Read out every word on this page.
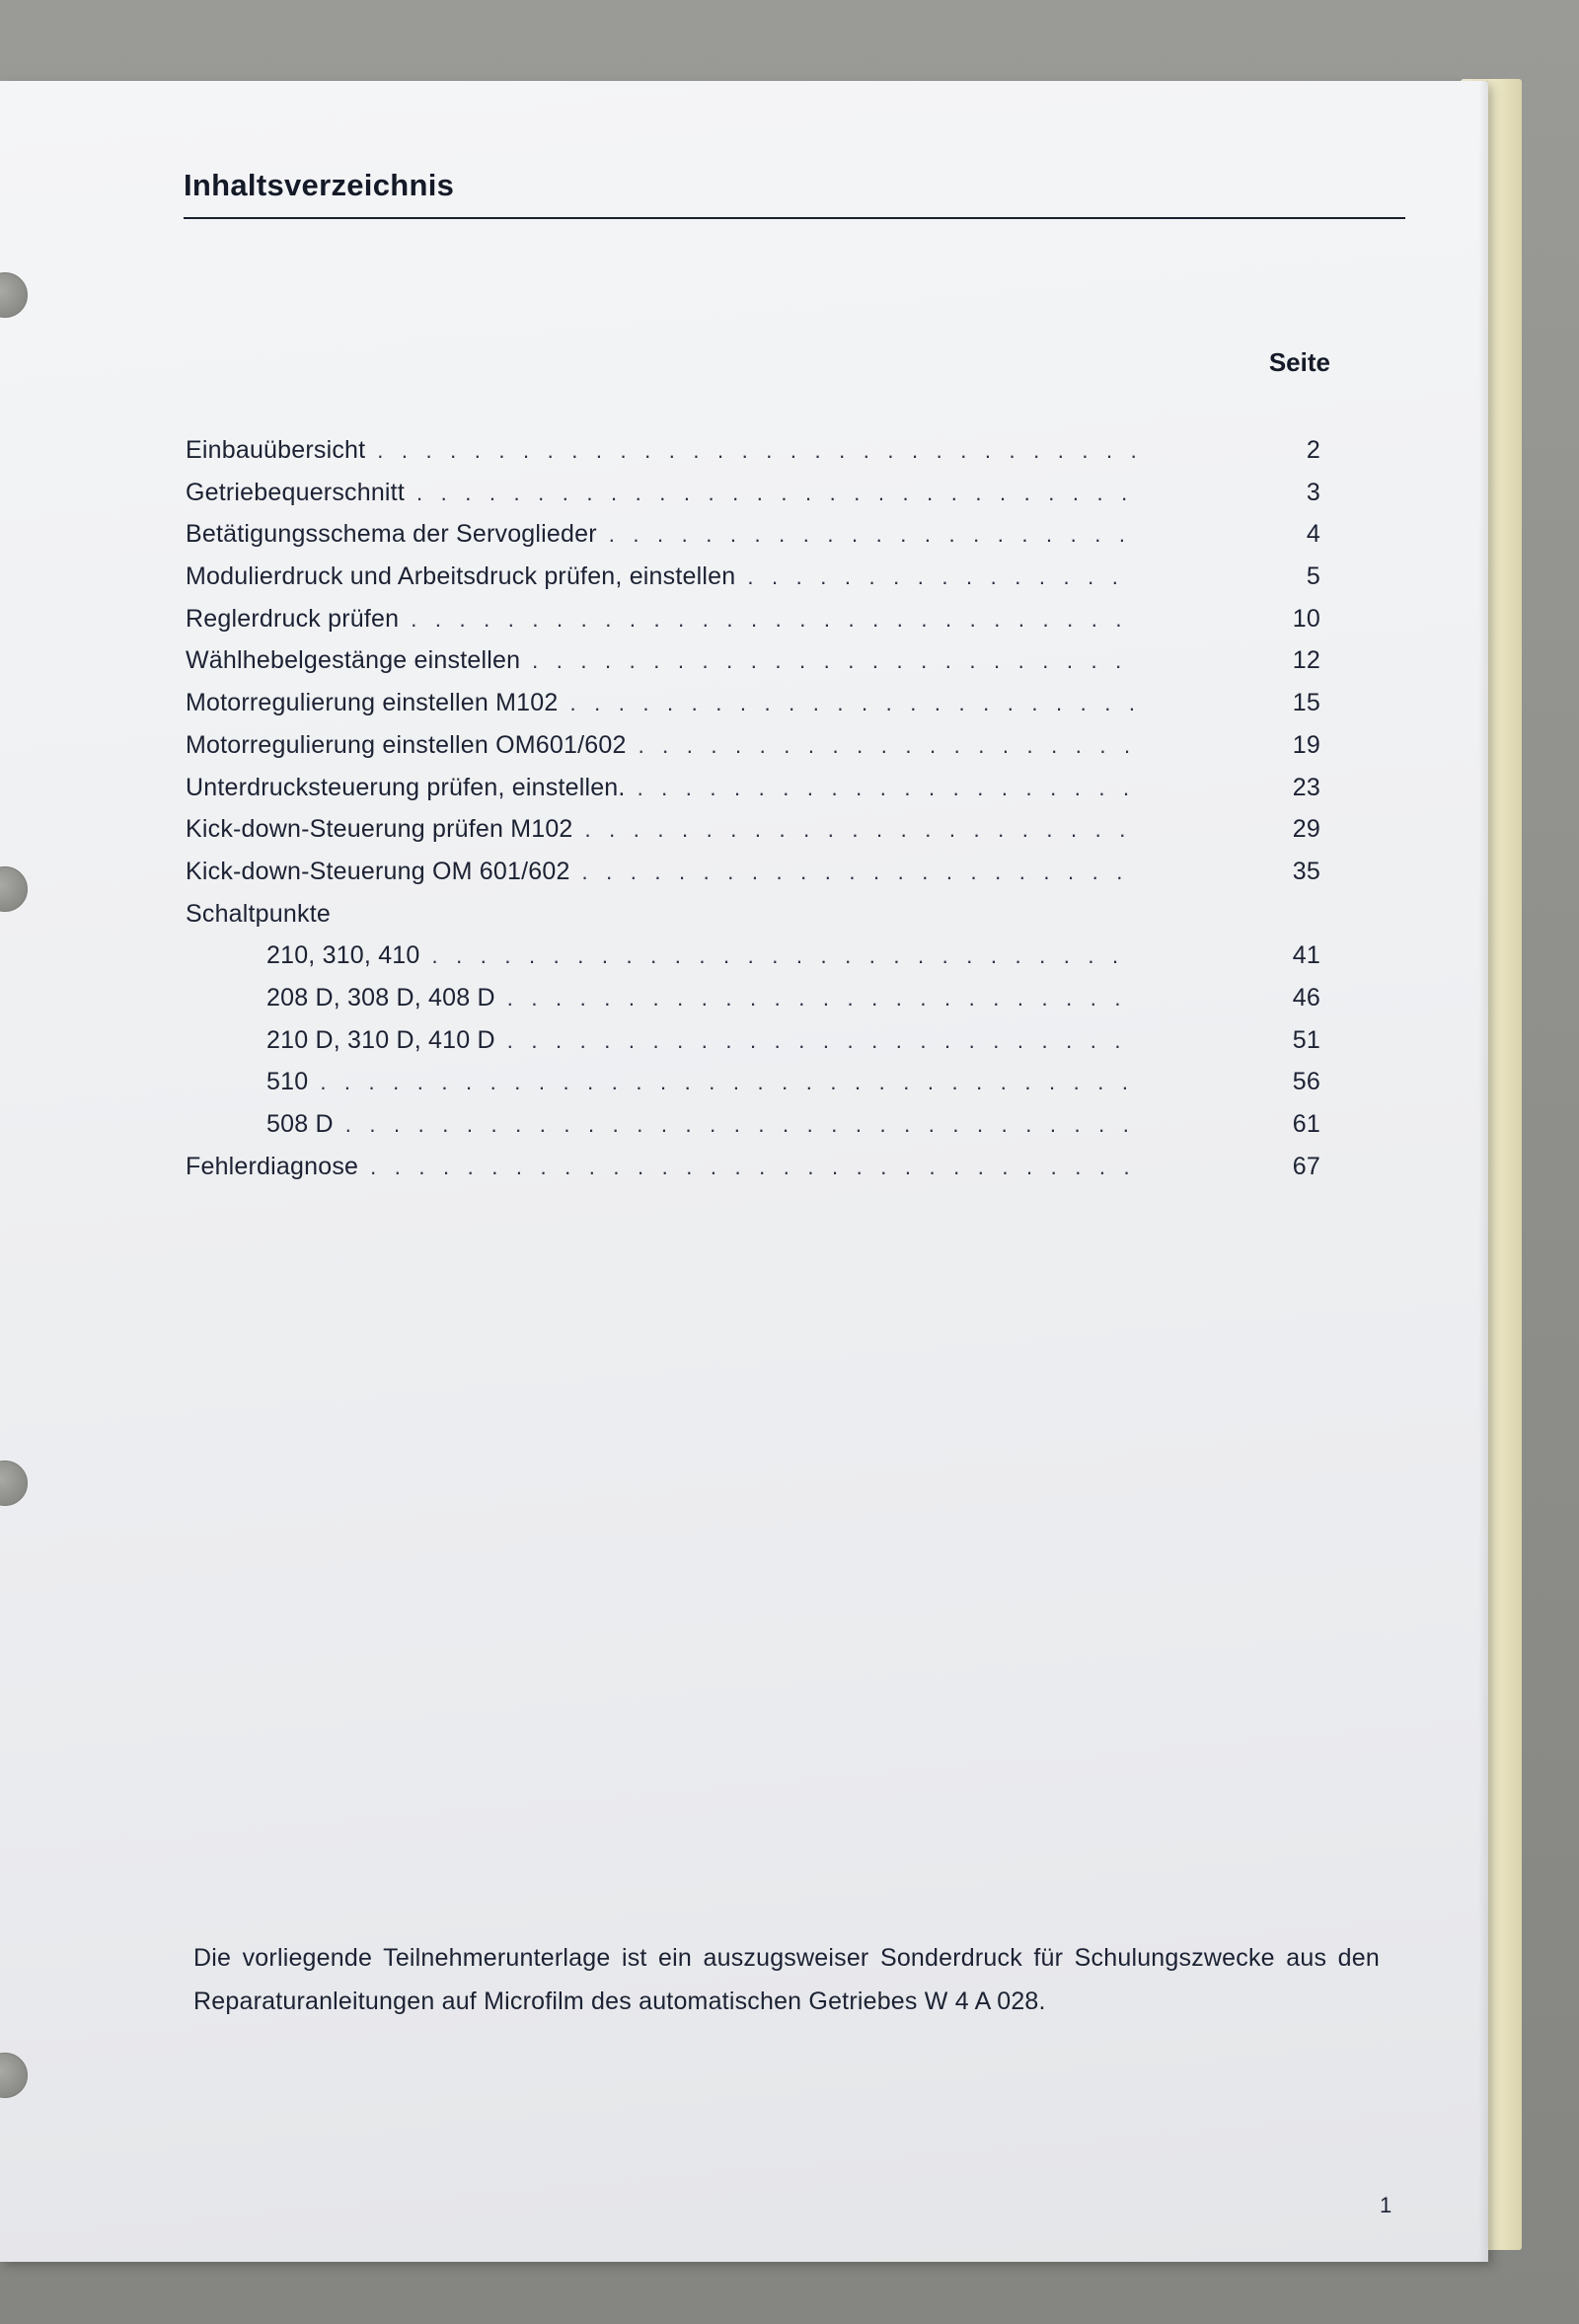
Inhaltsverzeichnis
Seite
Einbauübersicht . . .	2
Getriebequerschnitt . . .	3
Betätigungsschema der Servoglieder . . .	4
Modulierdruck und Arbeitsdruck prüfen, einstellen . . .	5
Reglerdruck prüfen . . .	10
Wählhebelgestänge einstellen . . .	12
Motorregulierung einstellen M102 . . .	15
Motorregulierung einstellen OM601/602 . . .	19
Unterdrucksteuerung prüfen, einstellen. . . .	23
Kick-down-Steuerung prüfen M102 . . .	29
Kick-down-Steuerung OM 601/602 . . .	35
Schaltpunkte
210, 310, 410 . . .	41
208 D, 308 D, 408 D . . .	46
210 D, 310 D, 410 D . . .	51
510 . . .	56
508 D . . .	61
Fehlerdiagnose . . .	67
Die vorliegende Teilnehmerunterlage ist ein auszugsweiser Sonderdruck für Schulungszwecke aus den Reparaturanleitungen auf Microfilm des automatischen Getriebes W 4 A 028.
1
